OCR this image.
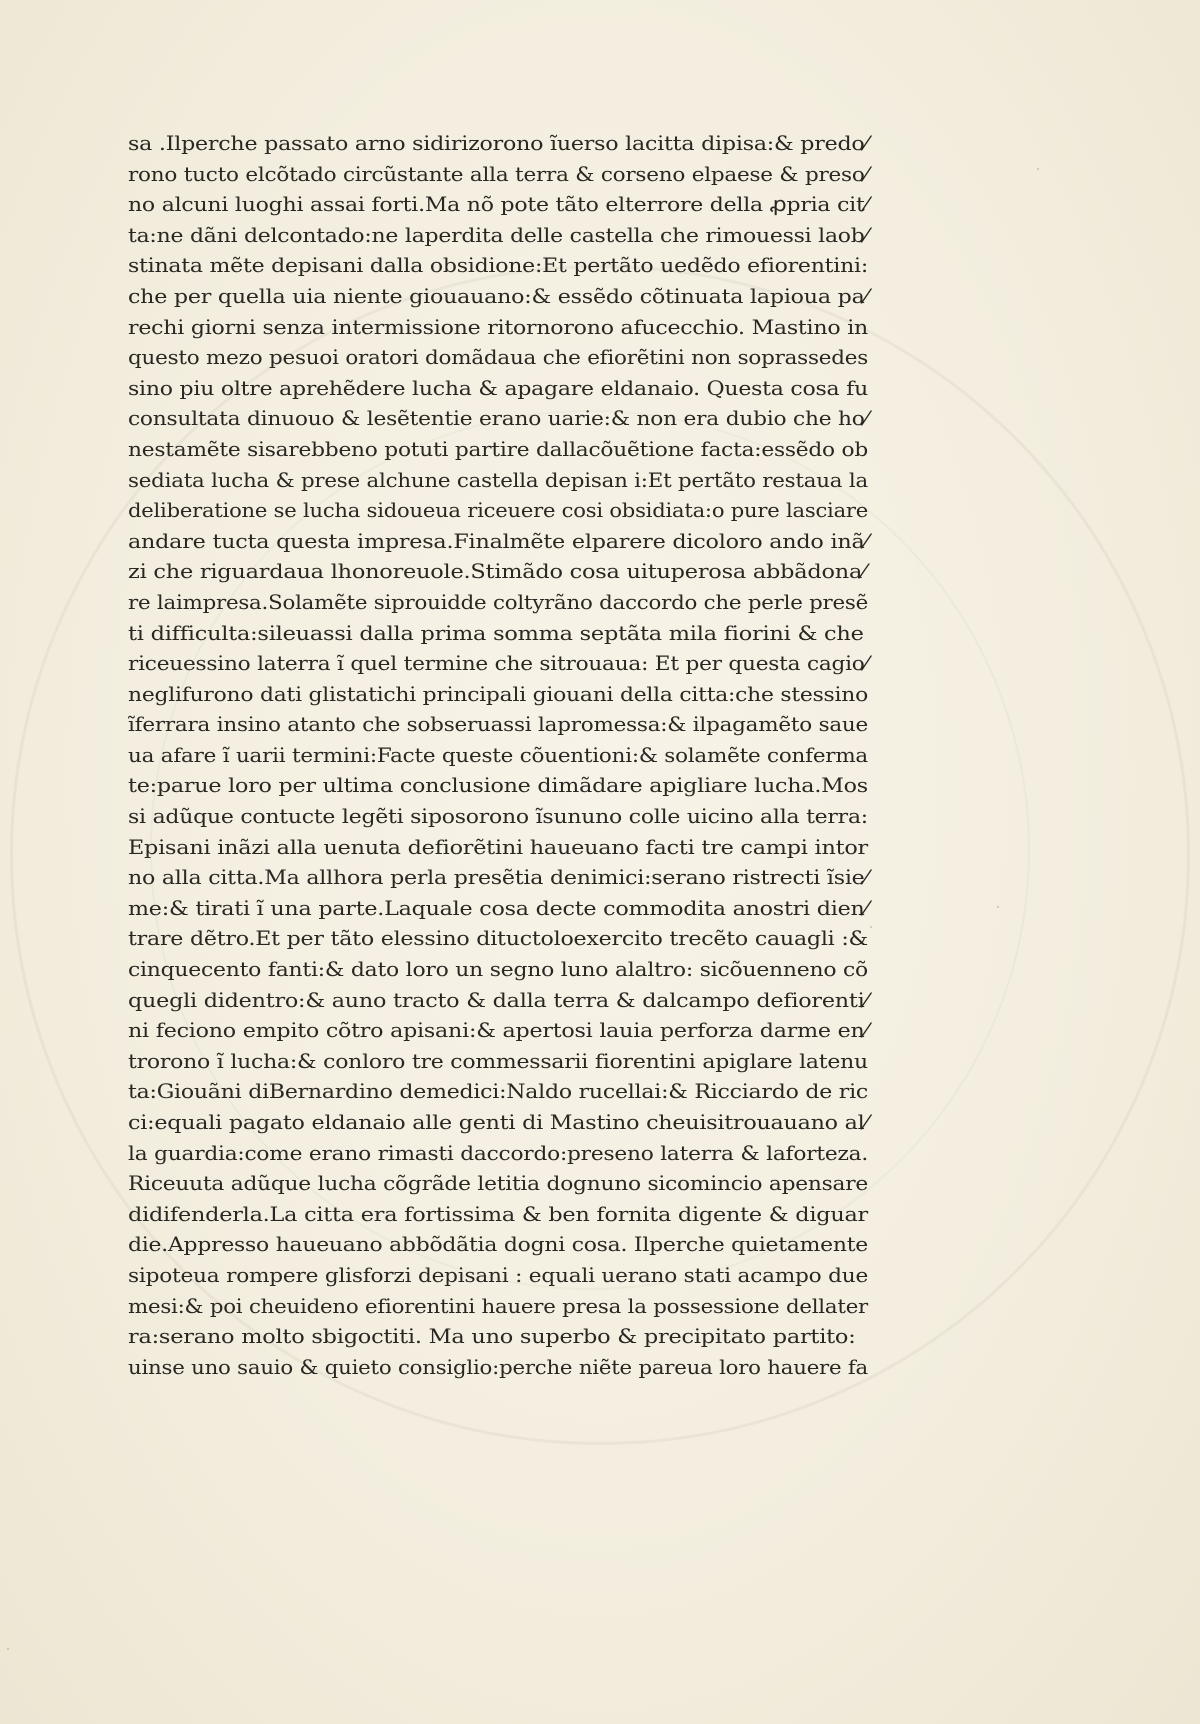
sa .Ilperche passato arno sidirizorono ĩuerso lacitta dipisa:& predo⁄
rono tucto elcõtado circũstante alla terra & corseno elpaese & preso⁄
no alcuni luoghi assai forti.Ma nõ pote tãto elterrore della ꝓpria cit⁄
ta:ne dãni delcontado:ne laperdita delle castella che rimouessi laob⁄
stinata mẽte depisani dalla obsidione:Et pertãto uedẽdo efiorentini:
che per quella uia niente giouauano:& essẽdo cõtinuata lapioua pa⁄
rechi giorni senza intermissione ritornorono afucecchio. Mastino in
questo mezo pesuoi oratori domãdaua che efiorẽtini non soprassedes
sino piu oltre aprehẽdere lucha & apagare eldanaio. Questa cosa fu
consultata dinuouo & lesẽtentie erano uarie:& non era dubio che ho⁄
nestamẽte sisarebbeno potuti partire dallacõuẽtione facta:essẽdo ob
sediata lucha & prese alchune castella depisan i:Et pertãto restaua la
deliberatione se lucha sidoueua riceuere cosi obsidiata:o pure lasciare
andare tucta questa impresa.Finalmẽte elparere dicoloro ando inã⁄
zi che riguardaua lhonoreuole.Stimãdo cosa uituperosa abbãdona⁄
re laimpresa.Solamẽte siprouidde coltyrãno daccordo che perle presẽ
ti difficulta:sileuassi dalla prima somma septãta mila fiorini & che
riceuessino laterra ĩ quel termine che sitrouaua: Et per questa cagio⁄
neglifurono dati glistatichi principali giouani della citta:che stessino
ĩferrara insino atanto che sobseruassi lapromessa:& ilpagamẽto saue
ua afare ĩ uarii termini:Facte queste cõuentioni:& solamẽte conferma
te:parue loro per ultima conclusione dimãdare apigliare lucha.Mos
si adũque contucte legẽti siposorono ĩsununo colle uicino alla terra:
Episani inãzi alla uenuta defiorẽtini haueuano facti tre campi intor
no alla citta.Ma allhora perla presẽtia denimici:serano ristrecti ĩsie⁄
me:& tirati ĩ una parte.Laquale cosa decte commodita anostri dien⁄
trare dẽtro.Et per tãto elessino dituctoloexercito trecẽto cauagli :&
cinquecento fanti:& dato loro un segno luno alaltro: sicõuenneno cõ
quegli didentro:& auno tracto & dalla terra & dalcampo defiorenti⁄
ni feciono empito cõtro apisani:& apertosi lauia perforza darme en⁄
trorono ĩ lucha:& conloro tre commessarii fiorentini apiglare latenu
ta:Giouãni diBernardino demedici:Naldo rucellai:& Ricciardo de ric
ci:equali pagato eldanaio alle genti di Mastino cheuisitrouauano al⁄
la guardia:come erano rimasti daccordo:preseno laterra & laforteza.
Riceuuta adũque lucha cõgrãde letitia dognuno sicomincio apensare
didifenderla.La citta era fortissima & ben fornita digente & diguar
die.Appresso haueuano abbõdãtia dogni cosa. Ilperche quietamente
sipoteua rompere glisforzi depisani : equali uerano stati acampo due
mesi:& poi cheuideno efiorentini hauere presa la possessione dellater
ra:serano molto sbigoctiti. Ma uno superbo & precipitato partito:
uinse uno sauio & quieto consiglio:perche niẽte pareua loro hauere fa
